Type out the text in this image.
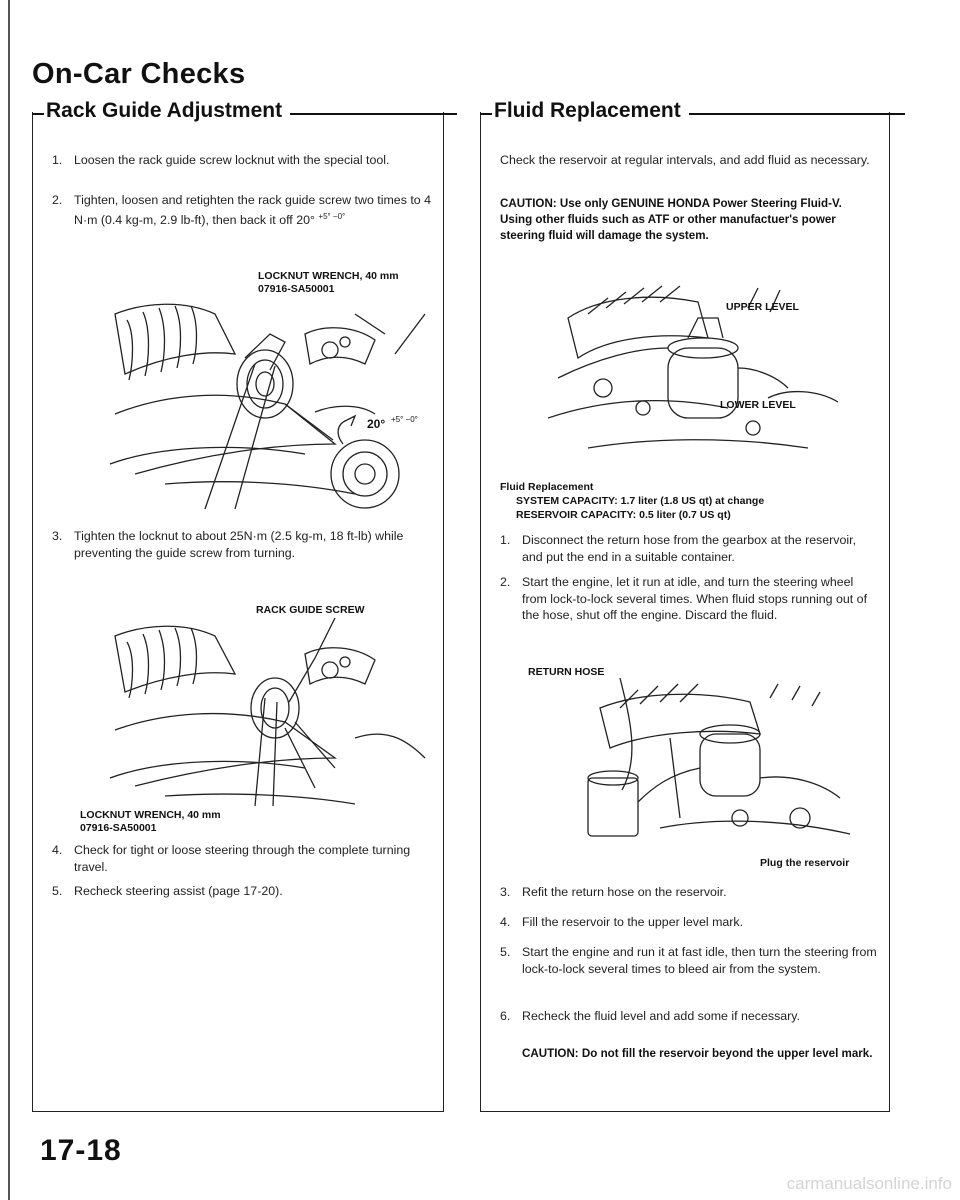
On-Car Checks
Rack Guide Adjustment
1. Loosen the rack guide screw locknut with the special tool.
2. Tighten, loosen and retighten the rack guide screw two times to 4 N·m (0.4 kg-m, 2.9 lb-ft), then back it off 20° $^{+5^\circ -0^\circ}$
LOCKNUT WRENCH, 40 mm
07916-SA50001
20° +5° −0°
3. Tighten the locknut to about 25N·m (2.5 kg-m, 18 ft-lb) while preventing the guide screw from turning.
RACK GUIDE SCREW
LOCKNUT WRENCH, 40 mm
07916-SA50001
4. Check for tight or loose steering through the complete turning travel.
5. Recheck steering assist (page 17-20).
Fluid Replacement
Check the reservoir at regular intervals, and add fluid as necessary.
CAUTION: Use only GENUINE HONDA Power Steering Fluid-V. Using other fluids such as ATF or other manufactuer's power steering fluid will damage the system.
UPPER LEVEL
LOWER LEVEL
Fluid Replacement
SYSTEM CAPACITY: 1.7 liter (1.8 US qt) at change
RESERVOIR CAPACITY: 0.5 liter (0.7 US qt)
1. Disconnect the return hose from the gearbox at the reservoir, and put the end in a suitable container.
2. Start the engine, let it run at idle, and turn the steering wheel from lock-to-lock several times. When fluid stops running out of the hose, shut off the engine. Discard the fluid.
RETURN HOSE
Plug the reservoir
3. Refit the return hose on the reservoir.
4. Fill the reservoir to the upper level mark.
5. Start the engine and run it at fast idle, then turn the steering from lock-to-lock several times to bleed air from the system.
6. Recheck the fluid level and add some if necessary.
CAUTION: Do not fill the reservoir beyond the upper level mark.
17-18
carmanualsonline.info
